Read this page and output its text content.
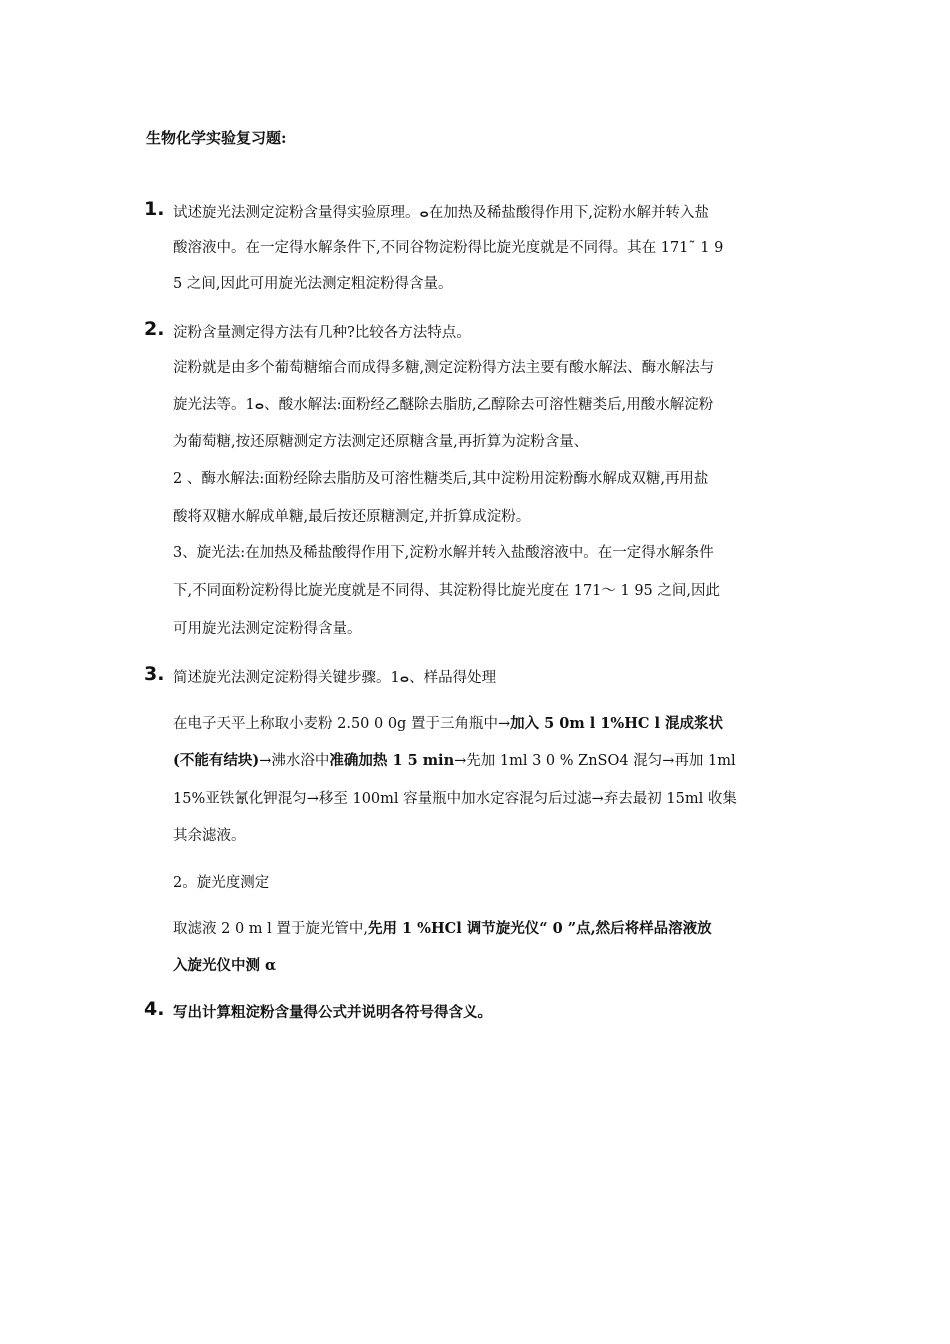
生物化学实验复习题:
1. 试述旋光法测定淀粉含量得实验原理。ⴰ在加热及稀盐酸得作用下,淀粉水解并转入盐
酸溶液中。在一定得水解条件下,不同谷物淀粉得比旋光度就是不同得。其在 171˜ 1 9
5 之间,因此可用旋光法测定粗淀粉得含量。
2. 淀粉含量测定得方法有几种?比较各方法特点。
淀粉就是由多个葡萄糖缩合而成得多糖,测定淀粉得方法主要有酸水解法、酶水解法与
旋光法等。1ⴰ、酸水解法:面粉经乙醚除去脂肪,乙醇除去可溶性糖类后,用酸水解淀粉
为葡萄糖,按还原糖测定方法测定还原糖含量,再折算为淀粉含量、
2 、酶水解法:面粉经除去脂肪及可溶性糖类后,其中淀粉用淀粉酶水解成双糖,再用盐
酸将双糖水解成单糖,最后按还原糖测定,并折算成淀粉。
3、旋光法:在加热及稀盐酸得作用下,淀粉水解并转入盐酸溶液中。在一定得水解条件
下,不同面粉淀粉得比旋光度就是不同得、其淀粉得比旋光度在 171～ 1 95 之间,因此
可用旋光法测定淀粉得含量。
3. 简述旋光法测定淀粉得关键步骤。1ⴰ、样品得处理
在电子天平上称取小麦粉 2.50 0 0g 置于三角瓶中→加入 5 0m l 1%HC l 混成浆状
(不能有结块)→沸水浴中准确加热 1 5 min→先加 1ml 3 0 % ZnSO4 混匀→再加 1ml
15%亚铁氰化钾混匀→移至 100ml 容量瓶中加水定容混匀后过滤→弃去最初 15ml 收集
其余滤液。
2。旋光度测定
取滤液 2 0 m l 置于旋光管中,先用 1 %HCl 调节旋光仪“ 0 ”点,然后将样品溶液放
入旋光仪中测 α
4. 写出计算粗淀粉含量得公式并说明各符号得含义。
